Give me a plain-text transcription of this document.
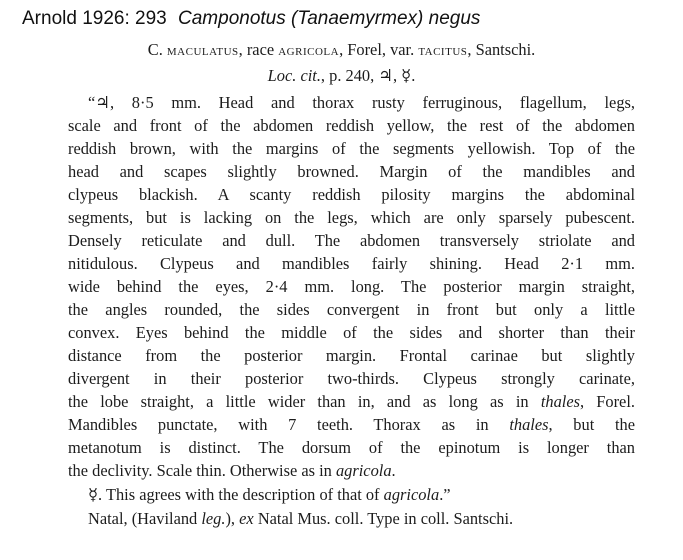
Arnold 1926: 293 Camponotus (Tanaemyrmex) negus
C. maculatus, race agricola, Forel, var. tacitus, Santschi.
Loc. cit., p. 240, ♃, ☿.
“♃, 8·5 mm. Head and thorax rusty ferruginous, flagellum, legs,
scale and front of the abdomen reddish yellow, the rest of the abdomen
reddish brown, with the margins of the segments yellowish. Top of the
head and scapes slightly browned. Margin of the mandibles and
clypeus blackish. A scanty reddish pilosity margins the abdominal
segments, but is lacking on the legs, which are only sparsely pubescent.
Densely reticulate and dull. The abdomen transversely striolate and
nitidulous. Clypeus and mandibles fairly shining. Head 2·1 mm.
wide behind the eyes, 2·4 mm. long. The posterior margin straight,
the angles rounded, the sides convergent in front but only a little
convex. Eyes behind the middle of the sides and shorter than their
distance from the posterior margin. Frontal carinae but slightly
divergent in their posterior two-thirds. Clypeus strongly carinate,
the lobe straight, a little wider than in, and as long as in thales, Forel.
Mandibles punctate, with 7 teeth. Thorax as in thales, but the
metanotum is distinct. The dorsum of the epinotum is longer than
the declivity. Scale thin. Otherwise as in agricola.
☿. This agrees with the description of that of agricola.”
Natal, (Haviland leg.), ex Natal Mus. coll. Type in coll. Santschi.
